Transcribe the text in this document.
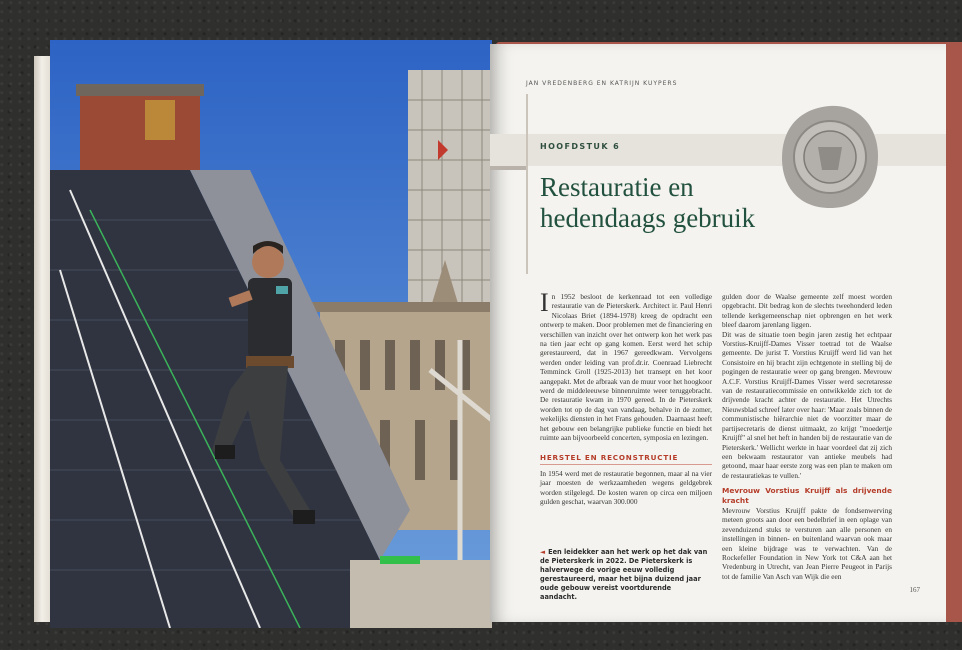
JAN VREDENBERG EN KATRIJN KUYPERS
HOOFDSTUK 6
Restauratie en
hedendaags gebruik

In 1952 besloot de kerkenraad tot een volledige restauratie van de Pieterskerk. Architect ir. Paul Henri Nicolaas Briet (1894-1978) kreeg de opdracht een ontwerp te maken. Door problemen met de financiering en verschillen van inzicht over het ontwerp kon het werk pas na tien jaar echt op gang komen. Eerst werd het schip gerestaureerd, dat in 1967 gereedkwam. Vervolgens werden onder leiding van prof.dr.ir. Coenraad Liebrecht Temminck Groll (1925-2013) het transept en het koor aangepakt. Met de afbraak van de muur voor het hoogkoor werd de middeleeuwse binnenruimte weer teruggebracht. De restauratie kwam in 1970 gereed. In de Pieterskerk worden tot op de dag van vandaag, behalve in de zomer, wekelijks diensten in het Frans gehouden. Daarnaast heeft het gebouw een belangrijke publieke functie en biedt het ruimte aan bijvoorbeeld concerten, symposia en lezingen.

HERSTEL EN RECONSTRUCTIE

In 1954 werd met de restauratie begonnen, maar al na vier jaar moesten de werkzaamheden wegens geldgebrek worden stilgelegd. De kosten waren op circa een miljoen gulden geschat, waarvan 300.000

◄ Een leidekker aan het werk op het dak van de Pieterskerk in 2022. De Pieterskerk is halverwege de vorige eeuw volledig gerestaureerd, maar het bijna duizend jaar oude gebouw vereist voortdurende aandacht.

gulden door de Waalse gemeente zelf moest worden opgebracht. Dit bedrag kon de slechts tweehonderd leden tellende kerkgemeenschap niet opbrengen en het werk bleef daarom jarenlang liggen.

Dit was de situatie toen begin jaren zestig het echtpaar Vorstius-Kruijff-Dames Visser toetrad tot de Waalse gemeente. De jurist T. Vorstius Kruijff werd lid van het Consistoire en hij bracht zijn echtgenote in stelling bij de pogingen de restauratie weer op gang brengen. Mevrouw A.C.F. Vorstius Kruijff-Dames Visser werd secretaresse van de restauratiecommissie en ontwikkelde zich tot de drijvende kracht achter de restauratie. Het Utrechts Nieuwsblad schreef later over haar: 'Maar zoals binnen de communistische hiërarchie niet de voorzitter maar de partijsecretaris de dienst uitmaakt, zo krijgt "moedertje Kruijff" al snel het heft in handen bij de restauratie van de Pieterskerk.' Wellicht werkte in haar voordeel dat zij zich een bekwaam restaurator van antieke meubels had getoond, maar haar eerste zorg was een plan te maken om de restauratiekas te vullen.'

Mevrouw Vorstius Kruijff als drijvende kracht

Mevrouw Vorstius Kruijff pakte de fondsenwerving meteen groots aan door een bedelbrief in een oplage van zevenduizend stuks te versturen aan alle personen en instellingen in binnen- en buitenland waarvan ook maar een kleine bijdrage was te verwachten. Van de Rockefeller Foundation in New York tot C&A aan het Vredenburg in Utrecht, van Jean Pierre Peugeot in Parijs tot de familie Van Asch van Wijk die een

167
